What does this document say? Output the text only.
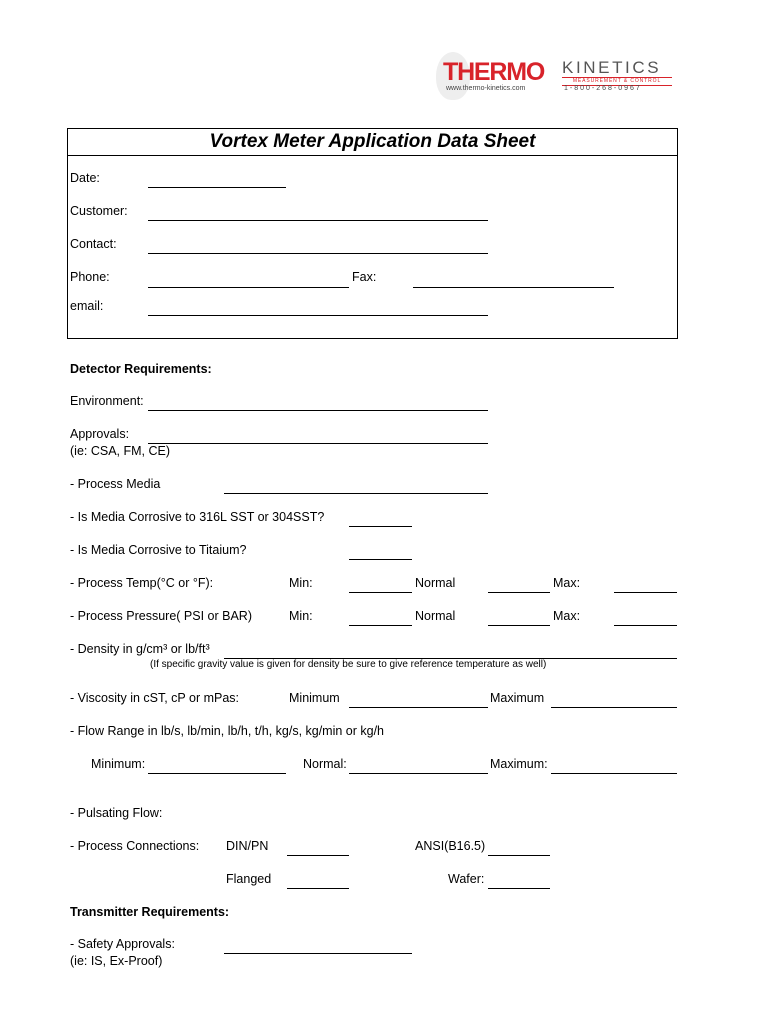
THERMO KINETICS
MEASUREMENT & CONTROL
www.thermo-kinetics.com	1-800-268-0967
Vortex Meter Application Data Sheet
Date:
Customer:
Contact:
Phone:	Fax:
email:
Detector Requirements:
Environment:
Approvals:
(ie: CSA, FM, CE)
- Process Media
- Is Media Corrosive to 316L SST or 304SST?
- Is Media Corrosive to Titaium?
- Process Temp(°C or °F):	Min:	Normal	Max:
- Process Pressure( PSI or BAR)	Min:	Normal	Max:
- Density in g/cm³ or lb/ft³
(If specific gravity value is given for density be sure to give reference temperature as well)
- Viscosity in cST, cP or mPas:	Minimum	Maximum
- Flow Range in lb/s, lb/min, lb/h, t/h, kg/s, kg/min or kg/h
Minimum:	Normal:	Maximum:
- Pulsating Flow:
- Process Connections: DIN/PN	ANSI(B16.5)
Flanged	Wafer:
Transmitter Requirements:
- Safety Approvals:
(ie: IS, Ex-Proof)
